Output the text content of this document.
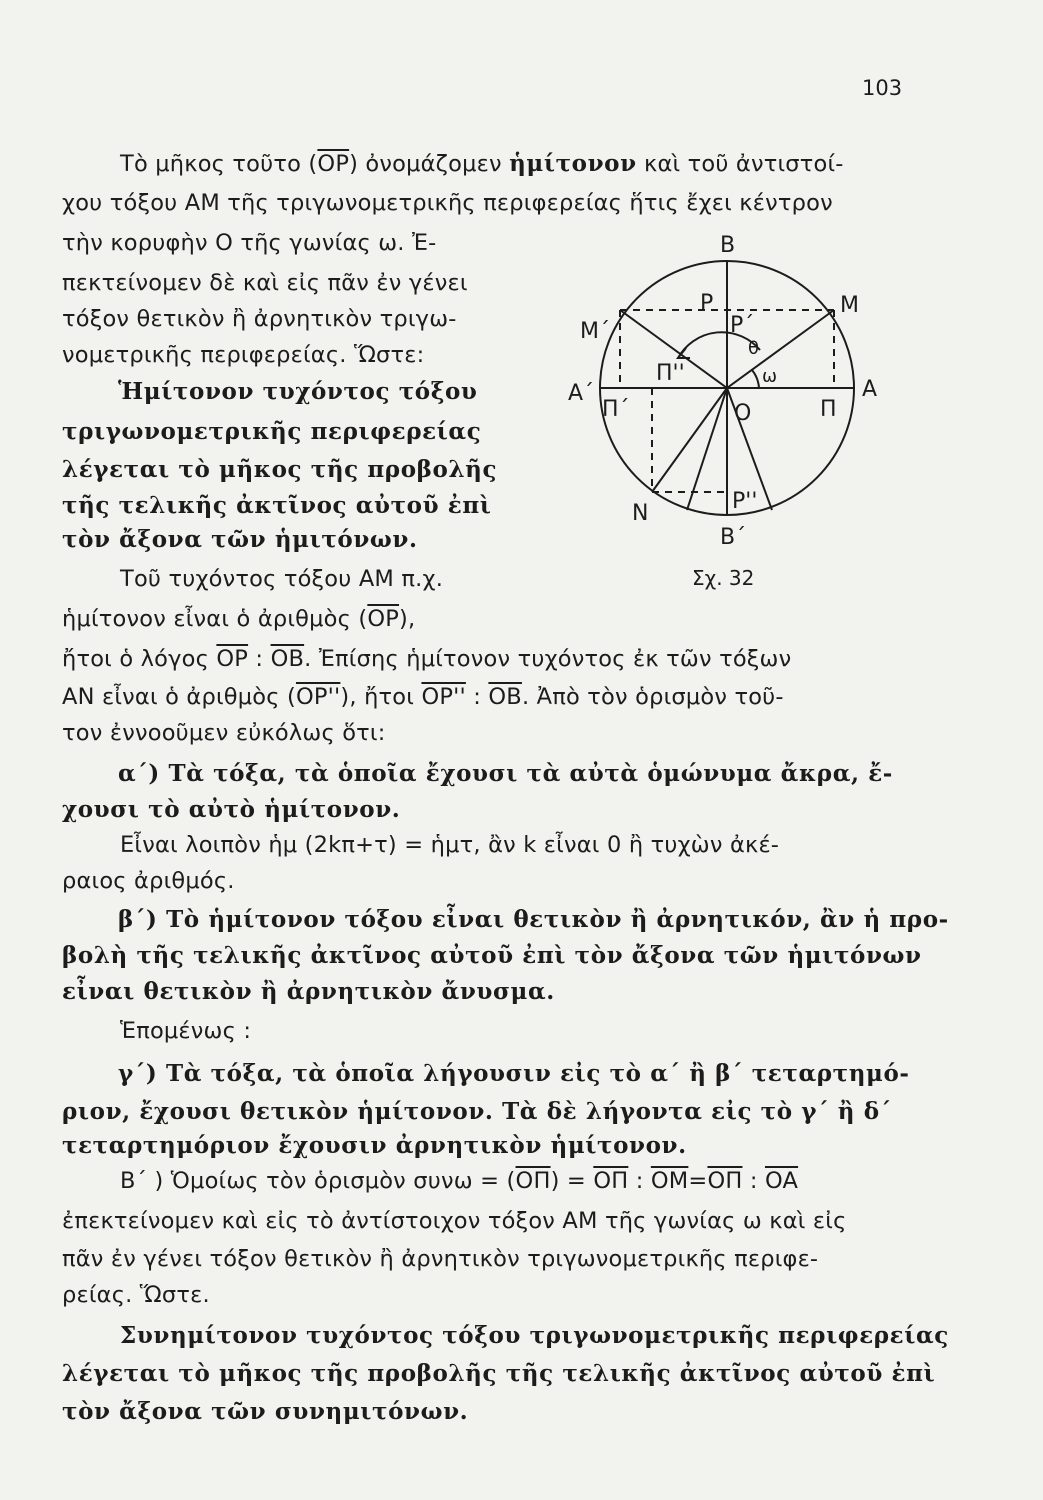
103
Τὸ μῆκος τοῦτο $(\overline{OP})$ ὀνομάζομεν ἡμίτονον καὶ τοῦ ἀντιστοί-
χου τόξου AM τῆς τριγωνομετρικῆς περιφερείας ἥτις ἔχει κέντρον
τὴν κορυφὴν O τῆς γωνίας ω. Ἐ-
πεκτείνομεν δὲ καὶ εἰς πᾶν ἐν γένει
τόξον θετικὸν ἢ ἀρνητικὸν τριγω-
νομετρικῆς περιφερείας. Ὥστε:
Ἡμίτονον τυχόντος τόξου
τριγωνομετρικῆς περιφερείας
λέγεται τὸ μῆκος τῆς προβολῆς
τῆς τελικῆς ἀκτῖνος αὐτοῦ ἐπὶ
τὸν ἄξονα τῶν ἡμιτόνων.
B
B΄
M
M΄
A
A΄
O
N
P
P΄
P''
Π
Π΄
Π''
θ
ω
Σχ. 32
Τοῦ τυχόντος τόξου AM π.χ.
ἡμίτονον εἶναι ὁ ἀριθμὸς $(\overline{OP})$,
ἤτοι ὁ λόγος $\overline{OP}$ : $\overline{OB}$. Ἐπίσης ἡμίτονον τυχόντος ἐκ τῶν τόξων
AN εἶναι ὁ ἀριθμὸς (OP''), ἤτοι OP'' : $\overline{OB}$. Ἀπὸ τὸν ὁρισμὸν τοῦ-
τον ἐννοοῦμεν εὐκόλως ὅτι:
α΄) Τὰ τόξα, τὰ ὁποῖα ἔχουσι τὰ αὐτὰ ὁμώνυμα ἄκρα, ἔ-
χουσι τὸ αὐτὸ ἡμίτονον.
Εἶναι λοιπὸν ἡμ (2kπ+τ) = ἡμτ, ἂν k εἶναι 0 ἢ τυχὼν ἀκέ-
ραιος ἀριθμός.
β΄) Τὸ ἡμίτονον τόξου εἶναι θετικὸν ἢ ἀρνητικόν, ἂν ἡ προ-
βολὴ τῆς τελικῆς ἀκτῖνος αὐτοῦ ἐπὶ τὸν ἄξονα τῶν ἡμιτόνων
εἶναι θετικὸν ἢ ἀρνητικὸν ἄνυσμα.
Ἑπομένως :
γ΄) Τὰ τόξα, τὰ ὁποῖα λήγουσιν εἰς τὸ α΄ ἢ β΄ τεταρτημό-
ριον, ἔχουσι θετικὸν ἡμίτονον. Τὰ δὲ λήγοντα εἰς τὸ γ΄ ἢ δ΄
τεταρτημόριον ἔχουσιν ἀρνητικὸν ἡμίτονον.
B΄ ) Ὁμοίως τὸν ὁρισμὸν $\sigma\upsilon\nu\omega = (\overline{O\Pi}) = \overline{O\Pi}$ : $\overline{OM}=\overline{O\Pi}$ : $\overline{OA}$
ἐπεκτείνομεν καὶ εἰς τὸ ἀντίστοιχον τόξον AM τῆς γωνίας ω καὶ εἰς
πᾶν ἐν γένει τόξον θετικὸν ἢ ἀρνητικὸν τριγωνομετρικῆς περιφε-
ρείας. Ὥστε.
Συνημίτονον τυχόντος τόξου τριγωνομετρικῆς περιφερείας
λέγεται τὸ μῆκος τῆς προβολῆς τῆς τελικῆς ἀκτῖνος αὐτοῦ ἐπὶ
τὸν ἄξονα τῶν συνημιτόνων.
